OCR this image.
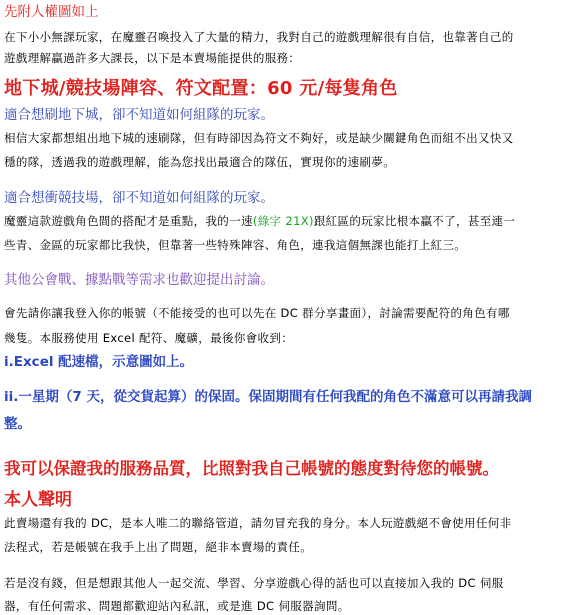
先附人權圖如上

在下小小無課玩家，在魔靈召喚投入了大量的精力，我對自己的遊戲理解很有自信，也靠著自己的

遊戲理解贏過許多大課長，以下是本賣場能提供的服務：

地下城/競技場陣容、符文配置：60 元/每隻角色

適合想刷地下城，卻不知道如何組隊的玩家。

相信大家都想組出地下城的速刷隊，但有時卻因為符文不夠好，或是缺少關鍵角色而組不出又快又

穩的隊，透過我的遊戲理解，能為您找出最適合的隊伍，實現你的速刷夢。

適合想衝競技場，卻不知道如何組隊的玩家。

魔靈這款遊戲角色間的搭配才是重點，我的一速(綠字 21X)跟紅區的玩家比根本贏不了，甚至連一

些青、金區的玩家都比我快，但靠著一些特殊陣容、角色，連我這個無課也能打上紅三。

其他公會戰、據點戰等需求也歡迎提出討論。

會先請你讓我登入你的帳號（不能接受的也可以先在 DC 群分享畫面），討論需要配符的角色有哪

幾隻。本服務使用 Excel 配符、魔礦，最後你會收到：

i.Excel 配速檔，示意圖如上。

ii.一星期（7 天，從交貨起算）的保固。保固期間有任何我配的角色不滿意可以再請我調

整。

我可以保證我的服務品質，比照對我自己帳號的態度對待您的帳號。

本人聲明

此賣場還有我的 DC，是本人唯二的聯絡管道，請勿冒充我的身分。本人玩遊戲絕不會使用任何非

法程式，若是帳號在我手上出了問題，絕非本賣場的責任。

若是沒有錢，但是想跟其他人一起交流、學習、分享遊戲心得的話也可以直接加入我的 DC 伺服

器，有任何需求、問題都歡迎站內私訊，或是進 DC 伺服器詢問。
